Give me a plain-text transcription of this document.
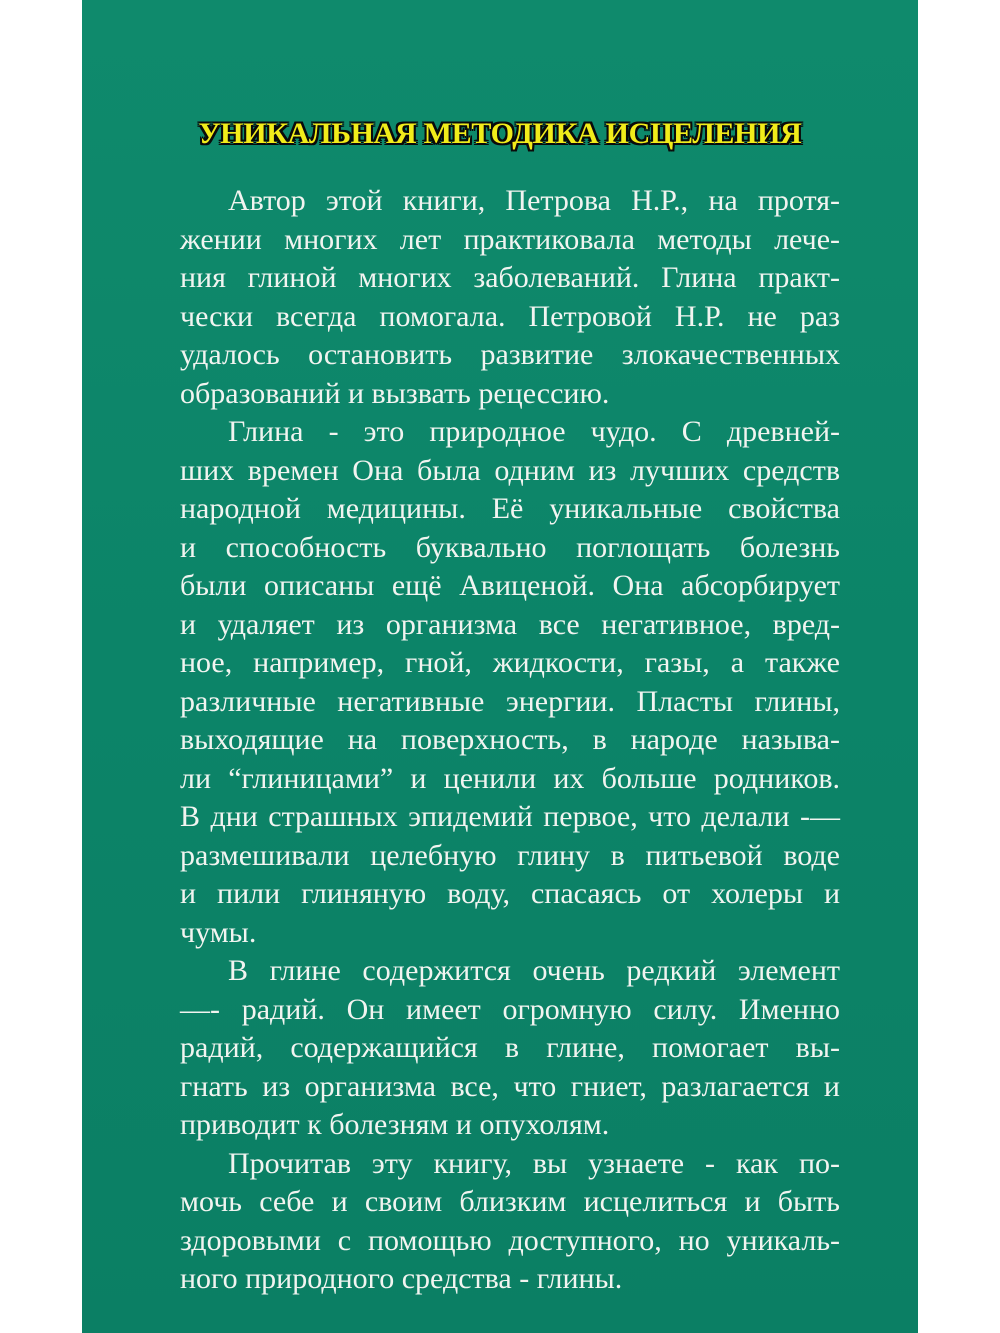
УНИКАЛЬНАЯ МЕТОДИКА ИСЦЕЛЕНИЯ

Автор этой книги, Петрова Н.Р., на протя-
жении многих лет практиковала методы лече-
ния глиной многих заболеваний. Глина практ-
чески всегда помогала. Петровой Н.Р. не раз
удалось остановить развитие злокачественных
образований и вызвать рецессию.

Глина - это природное чудо. С древней-
ших времен Она была одним из лучших средств
народной медицины. Её уникальные свойства
и способность буквально поглощать болезнь
были описаны ещё Авиценой. Она абсорбирует
и удаляет из организма все негативное, вред-
ное, например, гной, жидкости, газы, а также
различные негативные энергии. Пласты глины,
выходящие на поверхность, в народе называ-
ли “глиницами” и ценили их больше родников.
В дни страшных эпидемий первое, что делали -—
размешивали целебную глину в питьевой воде
и пили глиняную воду, спасаясь от холеры и
чумы.

В глине содержится очень редкий элемент
—- радий. Он имеет огромную силу. Именно
радий, содержащийся в глине, помогает вы-
гнать из организма все, что гниет, разлагается и
приводит к болезням и опухолям.

Прочитав эту книгу, вы узнаете - как по-
мочь себе и своим близким исцелиться и быть
здоровыми с помощью доступного, но уникаль-
ного природного средства - глины.
